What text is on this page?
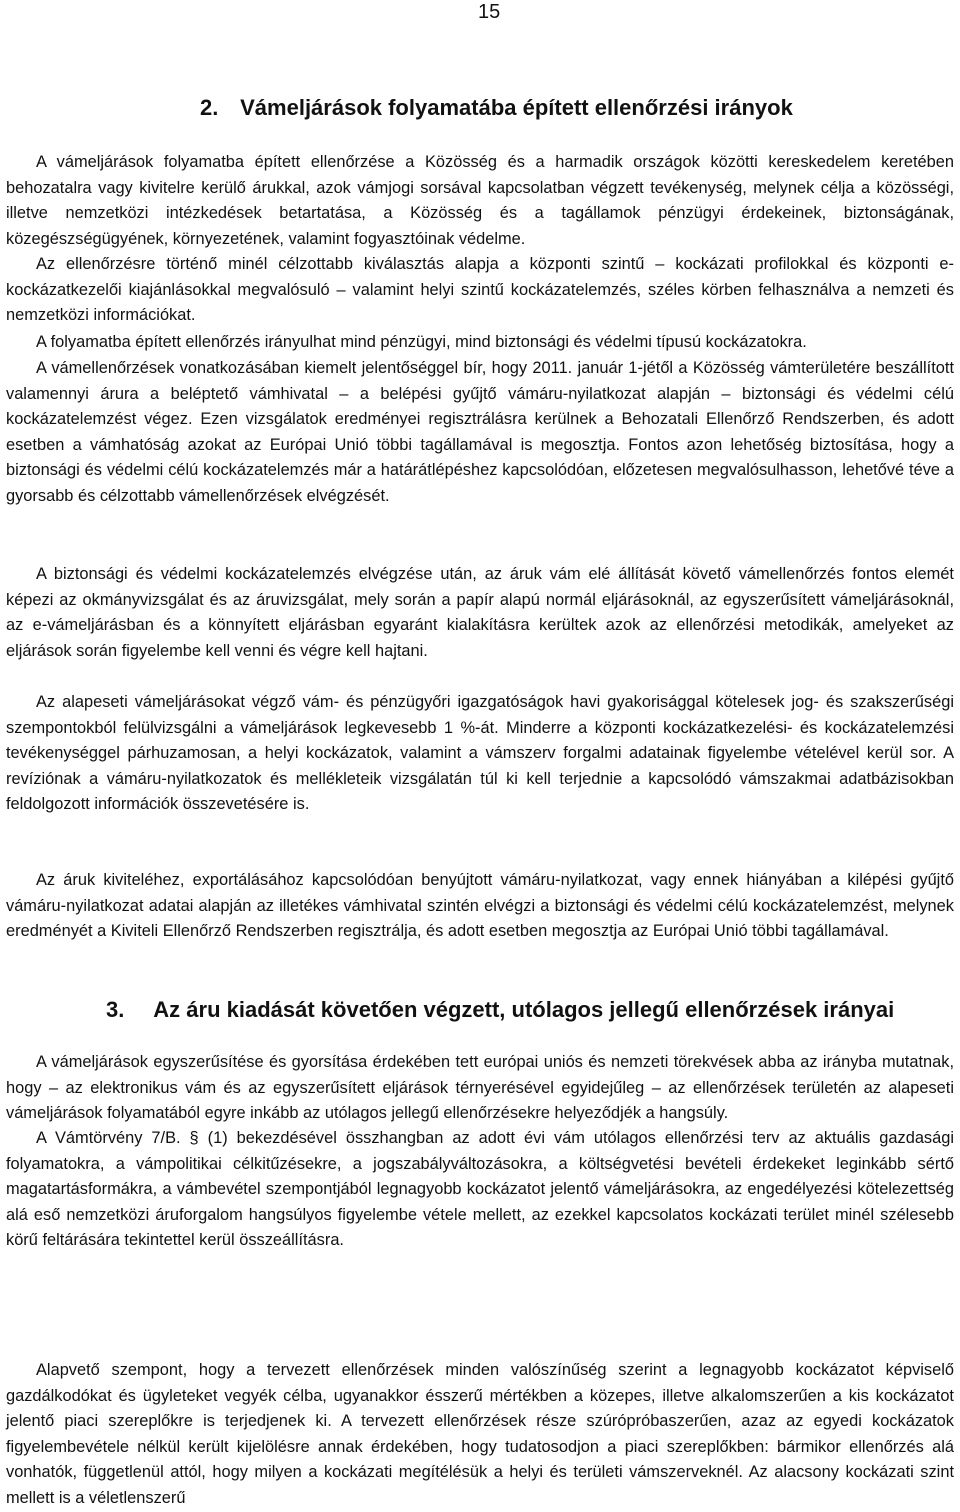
15
2. Vámeljárások folyamatába épített ellenőrzési irányok

A vámeljárások folyamatba épített ellenőrzése a Közösség és a harmadik országok közötti kereskedelem keretében behozatalra vagy kivitelre kerülő árukkal, azok vámjogi sorsával kapcsolatban végzett tevékenység, melynek célja a közösségi, illetve nemzetközi intézkedések betartatása, a Közösség és a tagállamok pénzügyi érdekeinek, biztonságának, közegészségügyének, környezetének, valamint fogyasztóinak védelme.

Az ellenőrzésre történő minél célzottabb kiválasztás alapja a központi szintű – kockázati profilokkal és központi e-kockázatkezelői kiajánlásokkal megvalósuló – valamint helyi szintű kockázatelemzés, széles körben felhasználva a nemzeti és nemzetközi információkat.

A folyamatba épített ellenőrzés irányulhat mind pénzügyi, mind biztonsági és védelmi típusú kockázatokra.

A vámellenőrzések vonatkozásában kiemelt jelentőséggel bír, hogy 2011. január 1-jétől a Közösség vámterületére beszállított valamennyi árura a beléptető vámhivatal – a belépési gyűjtő vámáru-nyilatkozat alapján – biztonsági és védelmi célú kockázatelemzést végez. Ezen vizsgálatok eredményei regisztrálásra kerülnek a Behozatali Ellenőrző Rendszerben, és adott esetben a vámhatóság azokat az Európai Unió többi tagállamával is megosztja. Fontos azon lehetőség biztosítása, hogy a biztonsági és védelmi célú kockázatelemzés már a határátlépéshez kapcsolódóan, előzetesen megvalósulhasson, lehetővé téve a gyorsabb és célzottabb vámellenőrzések elvégzését.

A biztonsági és védelmi kockázatelemzés elvégzése után, az áruk vám elé állítását követő vámellenőrzés fontos elemét képezi az okmányvizsgálat és az áruvizsgálat, mely során a papír alapú normál eljárásoknál, az egyszerűsített vámeljárásoknál, az e-vámeljárásban és a könnyített eljárásban egyaránt kialakításra kerültek azok az ellenőrzési metodikák, amelyeket az eljárások során figyelembe kell venni és végre kell hajtani.

Az alapeseti vámeljárásokat végző vám- és pénzügyőri igazgatóságok havi gyakorisággal kötelesek jog- és szakszerűségi szempontokból felülvizsgálni a vámeljárások legkevesebb 1 %-át. Minderre a központi kockázatkezelési- és kockázatelemzési tevékenységgel párhuzamosan, a helyi kockázatok, valamint a vámszerv forgalmi adatainak figyelembe vételével kerül sor. A revíziónak a vámáru-nyilatkozatok és mellékleteik vizsgálatán túl ki kell terjednie a kapcsolódó vámszakmai adatbázisokban feldolgozott információk összevetésére is.

Az áruk kiviteléhez, exportálásához kapcsolódóan benyújtott vámáru-nyilatkozat, vagy ennek hiányában a kilépési gyűjtő vámáru-nyilatkozat adatai alapján az illetékes vámhivatal szintén elvégzi a biztonsági és védelmi célú kockázatelemzést, melynek eredményét a Kiviteli Ellenőrző Rendszerben regisztrálja, és adott esetben megosztja az Európai Unió többi tagállamával.

3. Az áru kiadását követően végzett, utólagos jellegű ellenőrzések irányai

A vámeljárások egyszerűsítése és gyorsítása érdekében tett európai uniós és nemzeti törekvések abba az irányba mutatnak, hogy – az elektronikus vám és az egyszerűsített eljárások térnyerésével egyidejűleg – az ellenőrzések területén az alapeseti vámeljárások folyamatából egyre inkább az utólagos jellegű ellenőrzésekre helyeződjék a hangsúly.

A Vámtörvény 7/B. § (1) bekezdésével összhangban az adott évi vám utólagos ellenőrzési terv az aktuális gazdasági folyamatokra, a vámpolitikai célkitűzésekre, a jogszabályváltozásokra, a költségvetési bevételi érdekeket leginkább sértő magatartásformákra, a vámbevétel szempontjából legnagyobb kockázatot jelentő vámeljárásokra, az engedélyezési kötelezettség alá eső nemzetközi áruforgalom hangsúlyos figyelembe vétele mellett, az ezekkel kapcsolatos kockázati terület minél szélesebb körű feltárására tekintettel kerül összeállításra.

Alapvető szempont, hogy a tervezett ellenőrzések minden valószínűség szerint a legnagyobb kockázatot képviselő gazdálkodókat és ügyleteket vegyék célba, ugyanakkor ésszerű mértékben a közepes, illetve alkalomszerűen a kis kockázatot jelentő piaci szereplőkre is terjedjenek ki. A tervezett ellenőrzések része szúrópróbaszerűen, azaz az egyedi kockázatok figyelembevétele nélkül került kijelölésre annak érdekében, hogy tudatosodjon a piaci szereplőkben: bármikor ellenőrzés alá vonhatók, függetlenül attól, hogy milyen a kockázati megítélésük a helyi és területi vámszerveknél. Az alacsony kockázati szint mellett is a véletlenszerű
